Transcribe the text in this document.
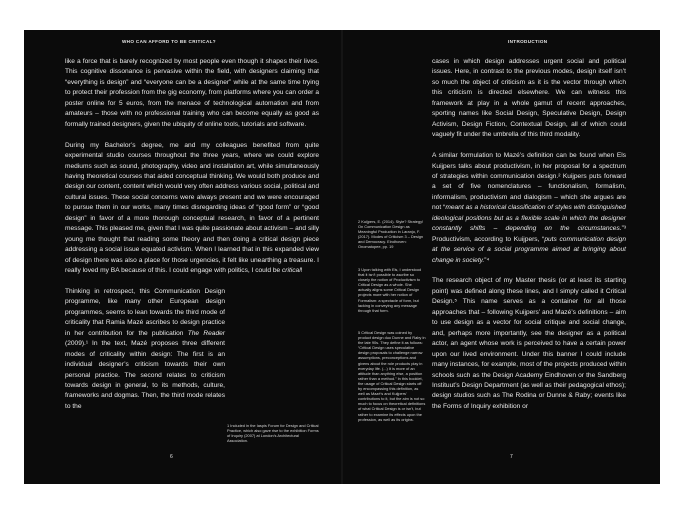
WHO CAN AFFORD TO BE CRITICAL?

like a force that is barely recognized by most people even though it shapes their lives. This cognitive dissonance is pervasive within the field, with designers claiming that “everything is design” and “everyone can be a designer” while at the same time trying to protect their profession from the gig economy, from platforms where you can order a poster online for 5 euros, from the menace of technological automation and from amateurs – those with no professional training who can become equally as good as formally trained designers, given the ubiquity of online tools, tutorials and software.

During my Bachelor’s degree, me and my colleagues benefited from quite experimental studio courses throughout the three years, where we could explore mediums such as sound, photography, video and installation art, while simultaneously having theoretical courses that aided conceptual thinking. We would both produce and design our content, content which would very often address various social, political and cultural issues. These social concerns were always present and we were encouraged to pursue them in our works, many times disregarding ideas of “good form” or “good design” in favor of a more thorough conceptual research, in favor of a pertinent message. This pleased me, given that I was quite passionate about activism – and silly young me thought that reading some theory and then doing a critical design piece addressing a social issue equated activism. When I learned that in this expanded view of design there was also a place for those urgencies, it felt like unearthing a treasure. I really loved my BA because of this. I could engage with politics, I could be critical!

Thinking in retrospect, this Communication Design programme, like many other European design programmes, seems to lean towards the third mode of criticality that Ramia Mazé ascribes to design practice in her contribution for the publication The Reader (2009).¹ In the text, Mazé proposes three different modes of criticality within design: The first is an individual designer’s criticism towards their own personal practice. The second relates to criticism towards design in general, to its methods, culture, frameworks and dogmas. Then, the third mode relates to the

1 Included in the Iaspis Forum for Design and Critical Practice, which also gave rise to the exhibition Forms of Inquiry (2007) at London’s Architectural Association.
6
INTRODUCTION

cases in which design addresses urgent social and political issues. Here, in contrast to the previous modes, design itself isn’t so much the object of criticism as it is the vector through which this criticism is directed elsewhere. We can witness this framework at play in a whole gamut of recent approaches, sporting names like Social Design, Speculative Design, Design Activism, Design Fiction, Contextual Design, all of which could vaguely fit under the umbrella of this third modality.

A similar formulation to Mazé’s definition can be found when Els Kuijpers talks about productivism, in her proposal for a spectrum of strategies within communication design.² Kuijpers puts forward a set of five nomenclatures – functionalism, formalism, informalism, productivism and dialogism – which she argues are not “meant as a historical classification of styles with distinguished ideological positions but as a flexible scale in which the designer constantly shifts – depending on the circumstances.”³ Productivism, according to Kuijpers, “puts communication design at the service of a social programme aimed at bringing about change in society.”⁴

The research object of my Master thesis (or at least its starting point) was defined along these lines, and I simply called it Critical Design.⁵ This name serves as a container for all those approaches that – following Kuijpers’ and Mazé’s definitions – aim to use design as a vector for social critique and social change, and, perhaps more importantly, see the designer as a political actor, an agent whose work is perceived to have a certain power upon our lived environment. Under this banner I could include many instances, for example, most of the projects produced within schools such as the Design Academy Eindhoven or the Sandberg Instituut’s Design Department (as well as their pedagogical ethos); design studios such as The Rodina or Dunne & Raby; events like the Forms of Inquiry exhibition or

2 Kuijpers, E. (2014). Style? Strategy! On Communication Design as Meaningful Production in Laranjo, F. (2017). Modes of Criticism 3 – Design and Democracy. Eindhoven: Onomatopee, pp. 19
3 Upon talking with Els, I understood that it isn’t possible to ascribe so closely the notion of Productivism to Critical Design as a whole. She actually aligns some Critical Design projects more with her notion of Formalism: a spectacle of form, but lacking in conveying any message through that form.
5 Critical Design was coined by product design duo Dunne and Raby in the late 90s. They define it as follows: “Critical Design uses speculative design proposals to challenge narrow assumptions, preconceptions and givens about the role products play in everyday life. (...) It is more of an attitude than anything else, a position rather than a method.” In this booklet, the usage of Critical Design starts off by encompassing this definition, as well as Mazé’s and Kuijpers’ contributions to it, but the aim is not so much to focus on theoretical definitions of what Critical Design is or isn’t, but rather to examine its effects upon the profession, as well as its origins.
7
